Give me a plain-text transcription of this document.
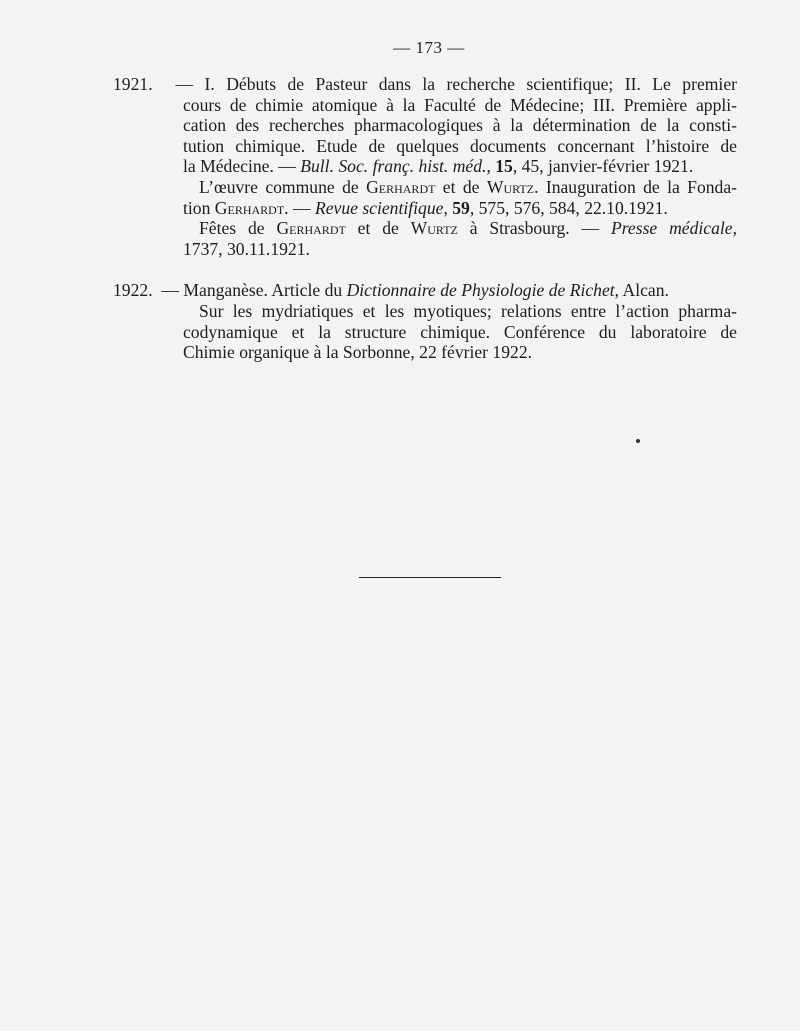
— 173 —
1921. — I. Débuts de Pasteur dans la recherche scientifique; II. Le premier
cours de chimie atomique à la Faculté de Médecine; III. Première appli-
cation des recherches pharmacologiques à la détermination de la consti-
tution chimique. Etude de quelques documents concernant l’histoire de
la Médecine. — Bull. Soc. franç. hist. méd., 15, 45, janvier-février 1921.
L’œuvre commune de Gerhardt et de Wurtz. Inauguration de la Fonda-
tion Gerhardt. — Revue scientifique, 59, 575, 576, 584, 22.10.1921.
Fêtes de Gerhardt et de Wurtz à Strasbourg. — Presse médicale,
1737, 30.11.1921.
1922. — Manganèse. Article du Dictionnaire de Physiologie de Richet, Alcan.
Sur les mydriatiques et les myotiques; relations entre l’action pharma-
codynamique et la structure chimique. Conférence du laboratoire de
Chimie organique à la Sorbonne, 22 février 1922.
